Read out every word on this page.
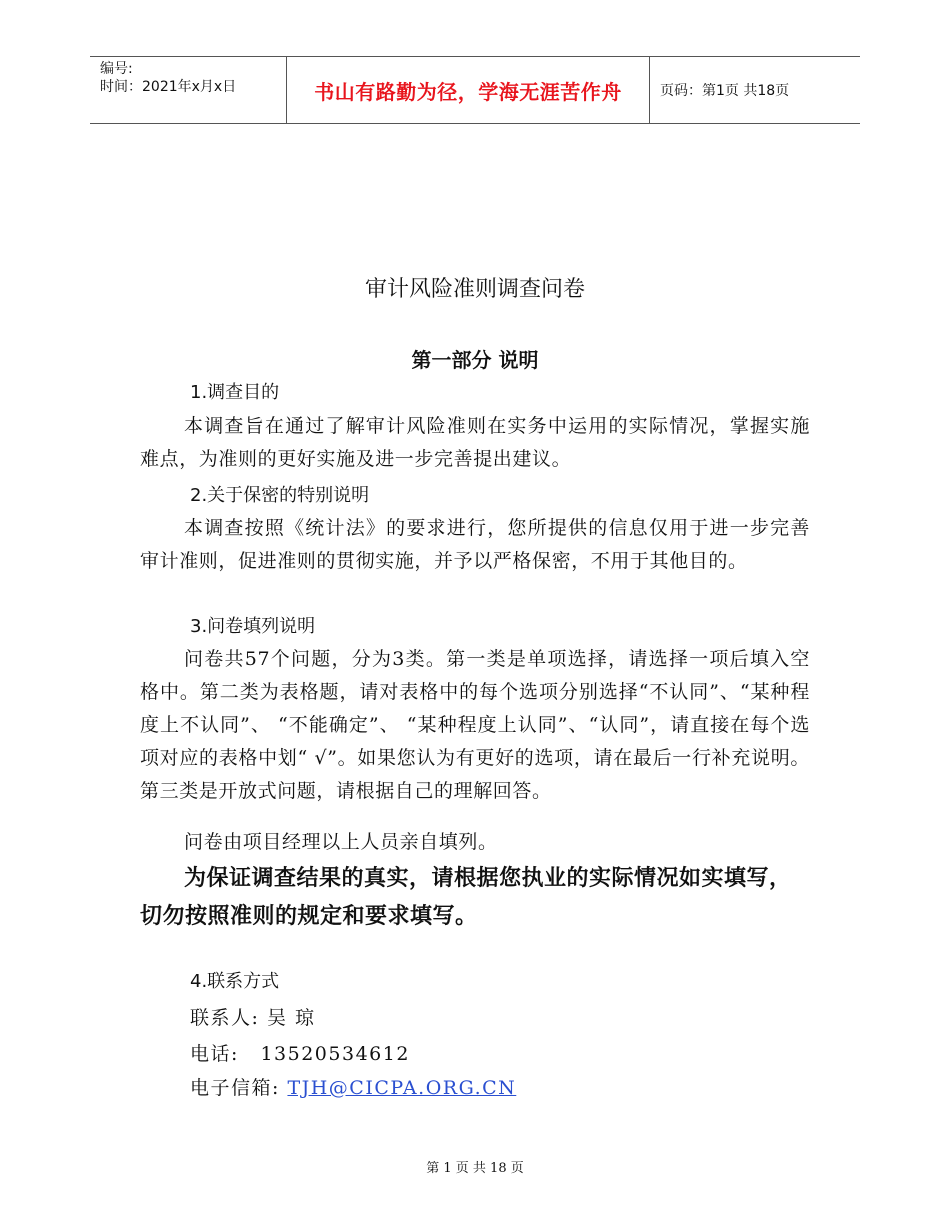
编号:
时间：2021年x月x日	书山有路勤为径，学海无涯苦作舟	页码：第1页 共18页
审计风险准则调查问卷
第一部分 说明
1.调查目的

本调查旨在通过了解审计风险准则在实务中运用的实际情况，掌握实施难点，为准则的更好实施及进一步完善提出建议。

2.关于保密的特别说明

本调查按照《统计法》的要求进行，您所提供的信息仅用于进一步完善审计准则，促进准则的贯彻实施，并予以严格保密，不用于其他目的。

3.问卷填列说明

问卷共57个问题，分为3类。第一类是单项选择，请选择一项后填入空格中。第二类为表格题，请对表格中的每个选项分别选择“不认同”、“某种程度上不认同”、 “不能确定”、 “某种程度上认同”、“认同”，请直接在每个选项对应的表格中划“ √”。如果您认为有更好的选项，请在最后一行补充说明。第三类是开放式问题，请根据自己的理解回答。

问卷由项目经理以上人员亲自填列。

为保证调查结果的真实，请根据您执业的实际情况如实填写，切勿按照准则的规定和要求填写。

4.联系方式
联系人: 吴 琼
电话: 13520534612
电子信箱: TJH@CICPA.ORG.CN
第 1 页 共 18 页
